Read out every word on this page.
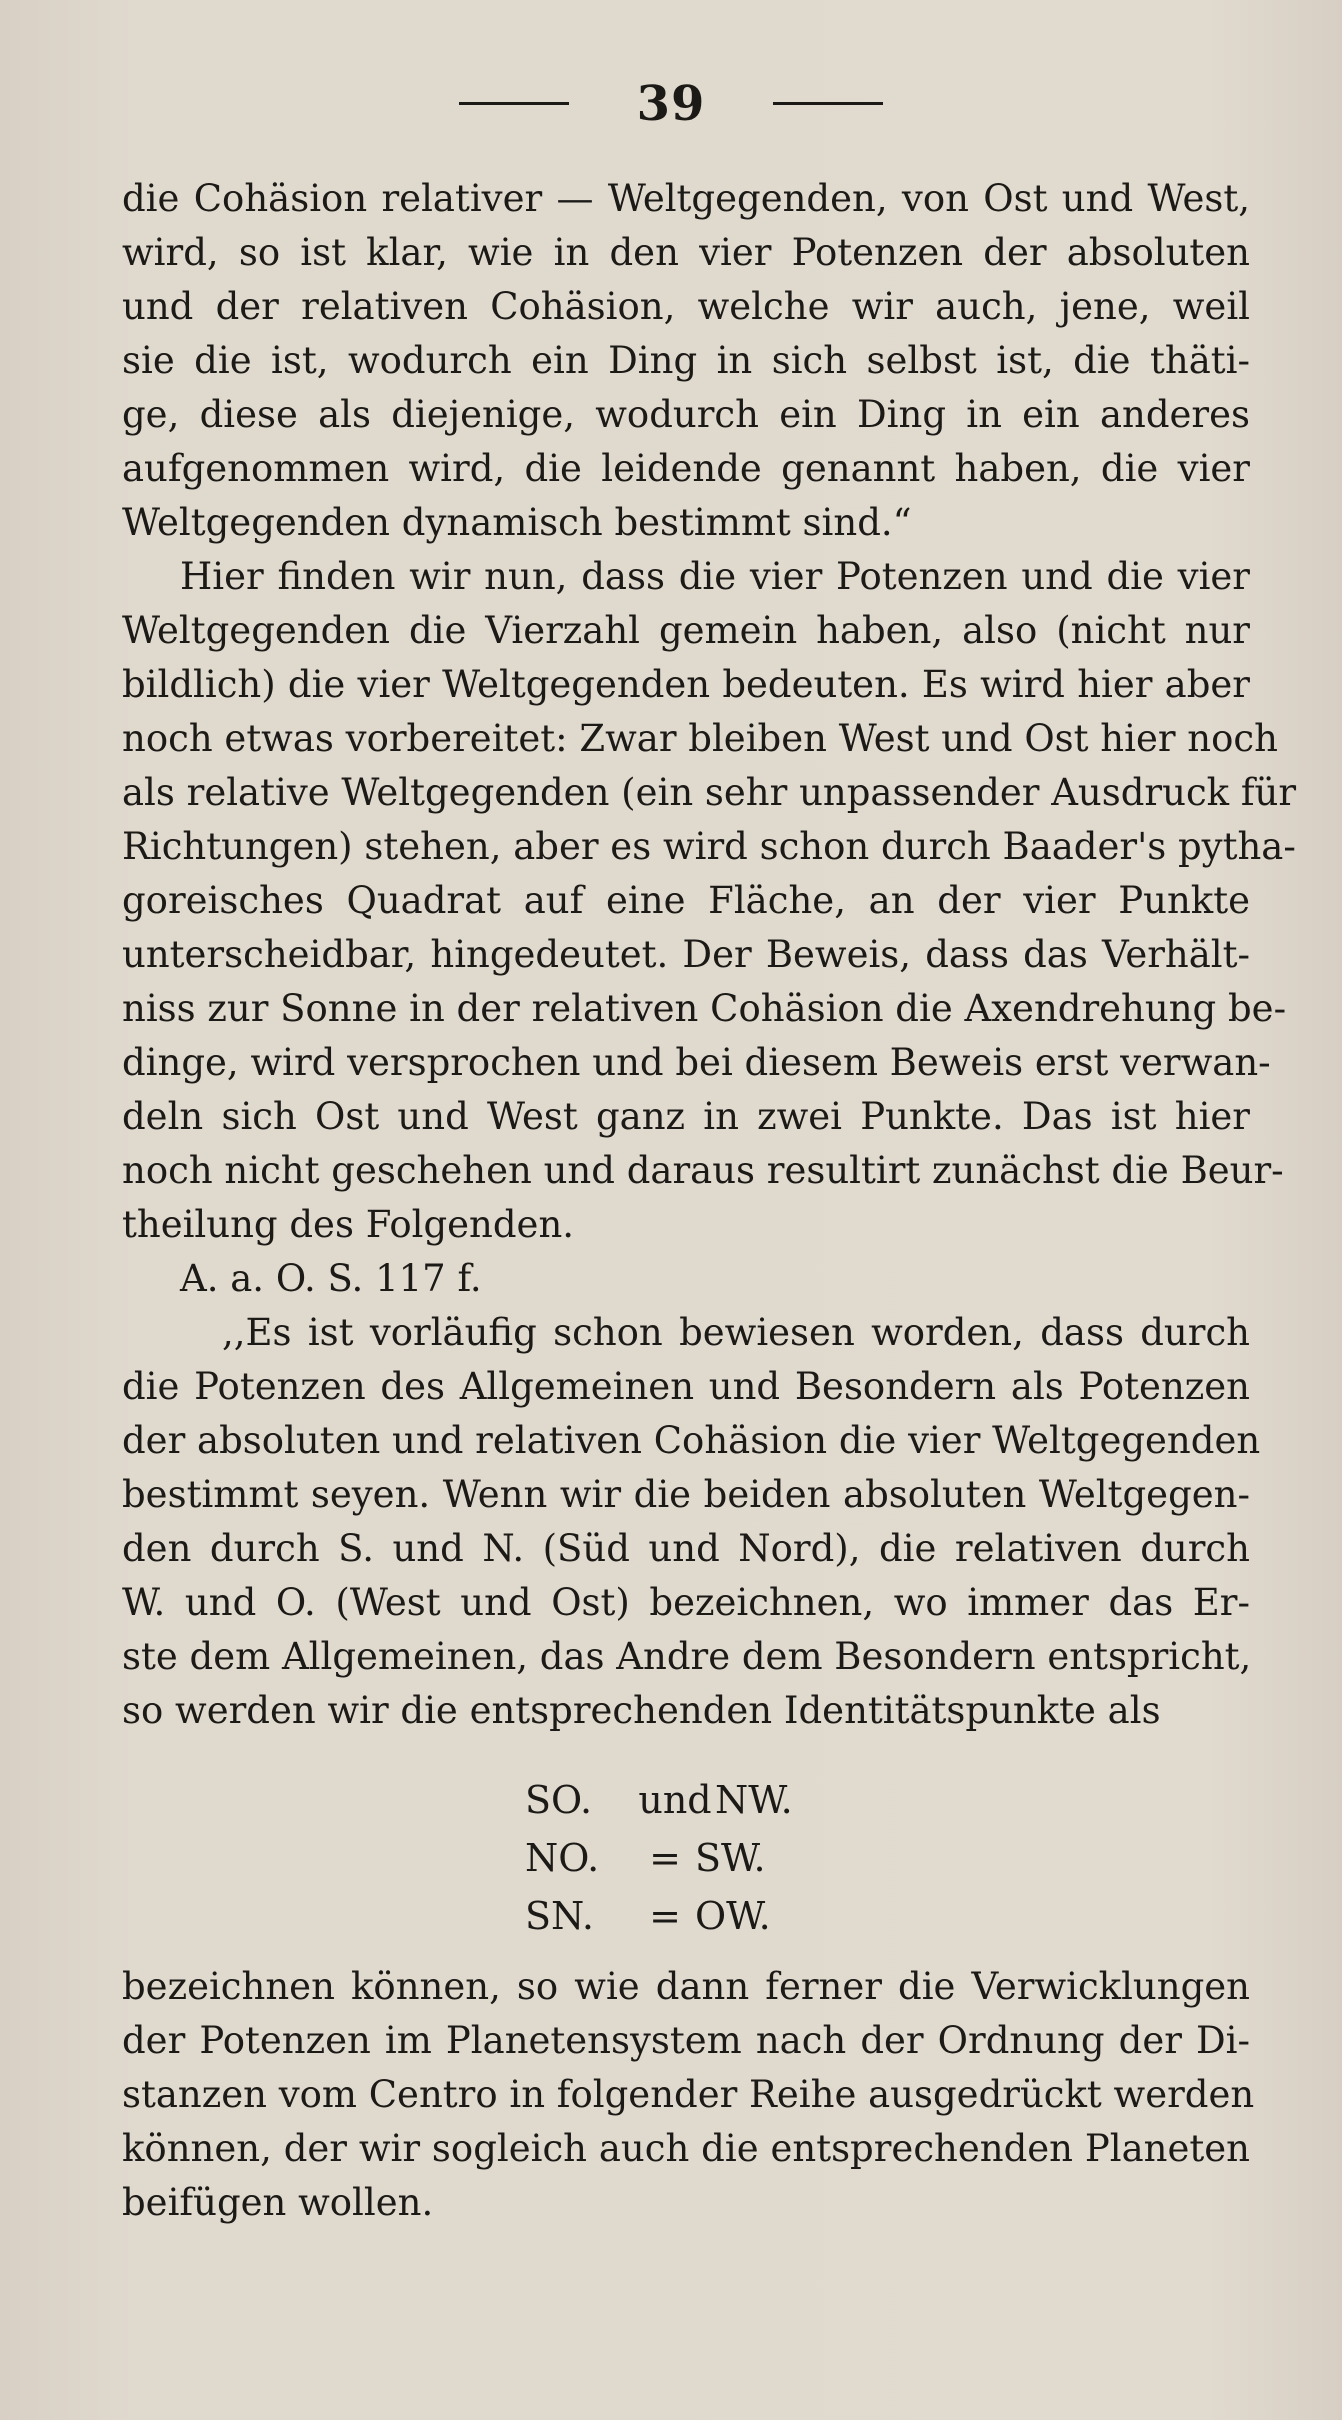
39
die Cohäsion relativer — Weltgegenden, von Ost und West,
wird, so ist klar, wie in den vier Potenzen der absoluten
und der relativen Cohäsion, welche wir auch, jene, weil
sie die ist, wodurch ein Ding in sich selbst ist, die thäti-
ge, diese als diejenige, wodurch ein Ding in ein anderes
aufgenommen wird, die leidende genannt haben, die vier
Weltgegenden dynamisch bestimmt sind.“
Hier finden wir nun, dass die vier Potenzen und die vier
Weltgegenden die Vierzahl gemein haben, also (nicht nur
bildlich) die vier Weltgegenden bedeuten. Es wird hier aber
noch etwas vorbereitet: Zwar bleiben West und Ost hier noch
als relative Weltgegenden (ein sehr unpassender Ausdruck für
Richtungen) stehen, aber es wird schon durch Baader's pytha-
goreisches Quadrat auf eine Fläche, an der vier Punkte
unterscheidbar, hingedeutet. Der Beweis, dass das Verhält-
niss zur Sonne in der relativen Cohäsion die Axendrehung be-
dinge, wird versprochen und bei diesem Beweis erst verwan-
deln sich Ost und West ganz in zwei Punkte. Das ist hier
noch nicht geschehen und daraus resultirt zunächst die Beur-
theilung des Folgenden.
A. a. O. S. 117 f.
,,Es ist vorläufig schon bewiesen worden, dass durch
die Potenzen des Allgemeinen und Besondern als Potenzen
der absoluten und relativen Cohäsion die vier Weltgegenden
bestimmt seyen. Wenn wir die beiden absoluten Weltgegen-
den durch S. und N. (Süd und Nord), die relativen durch
W. und O. (West und Ost) bezeichnen, wo immer das Er-
ste dem Allgemeinen, das Andre dem Besondern entspricht,
so werden wir die entsprechenden Identitätspunkte als
SO. undNW.
NO. = SW.
SN. = OW.
bezeichnen können, so wie dann ferner die Verwicklungen
der Potenzen im Planetensystem nach der Ordnung der Di-
stanzen vom Centro in folgender Reihe ausgedrückt werden
können, der wir sogleich auch die entsprechenden Planeten
beifügen wollen.
